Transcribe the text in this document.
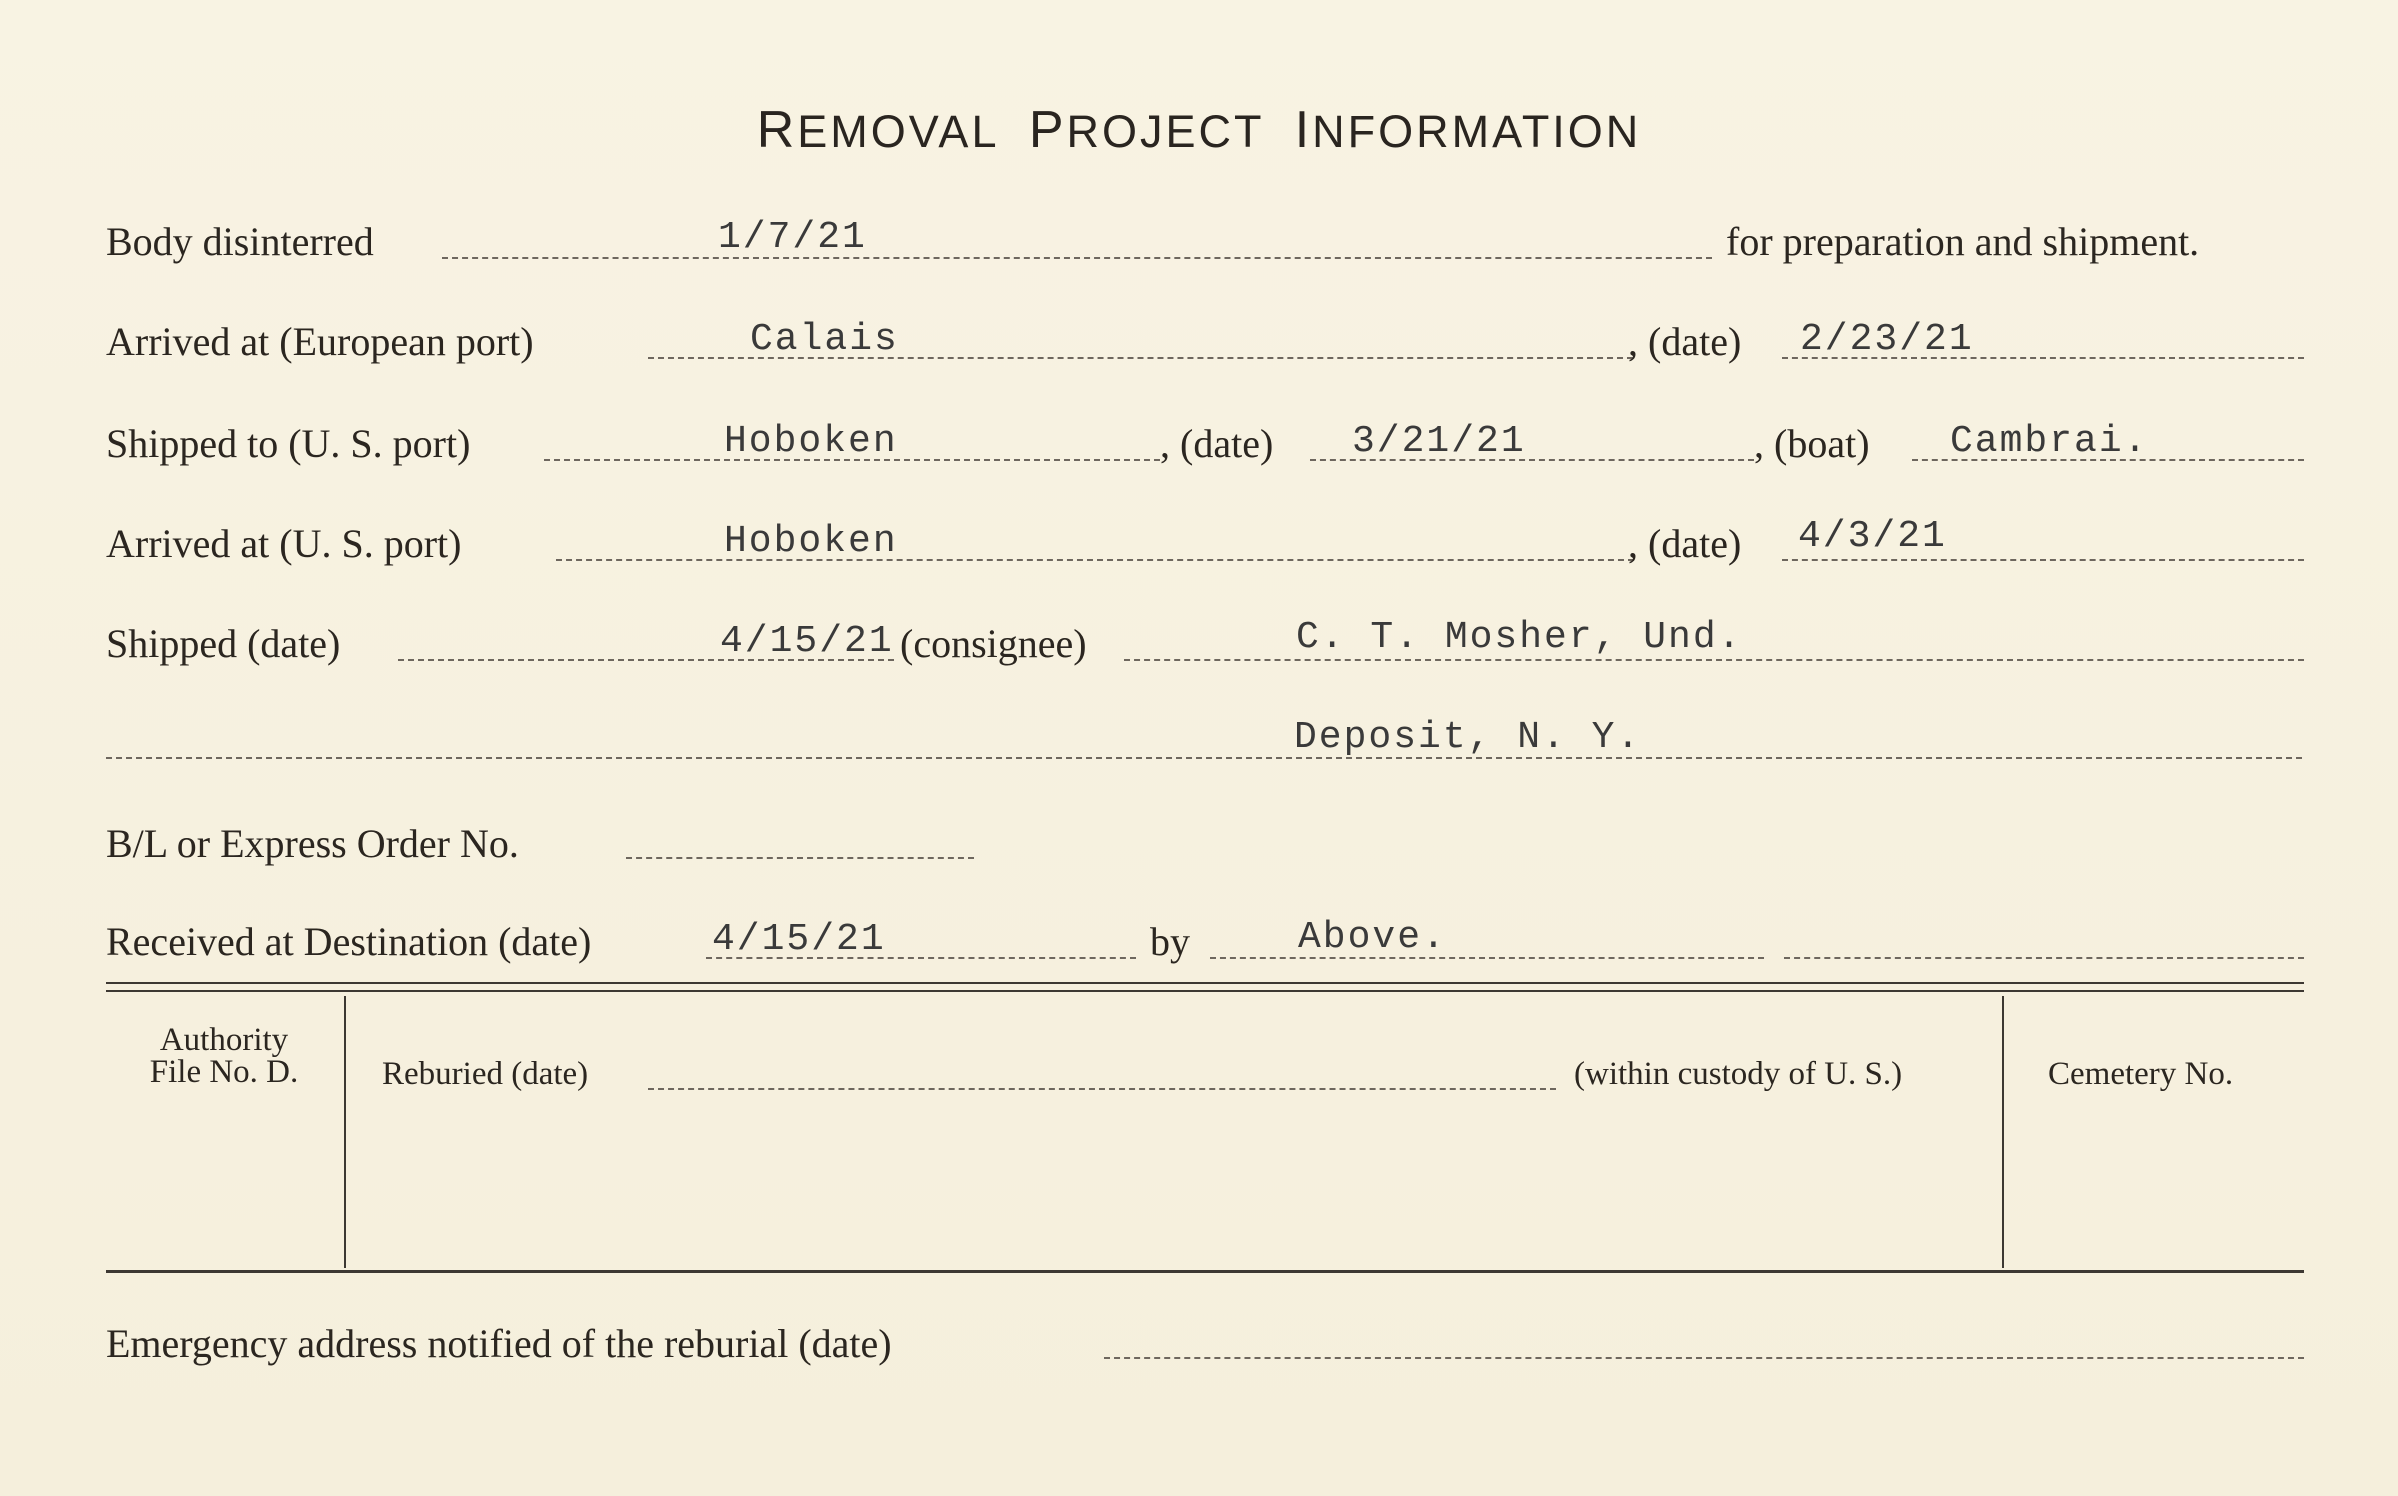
REMOVAL PROJECT INFORMATION
Body disinterred	1/7/21	for preparation and shipment.
Arrived at (European port)	Calais	, (date) 2/23/21
Shipped to (U. S. port)	Hoboken	, (date) 3/21/21	, (boat) Cambrai.
Arrived at (U. S. port)	Hoboken	, (date) 4/3/21
Shipped (date)	4/15/21 (consignee)	C. T. Mosher, Und.
Deposit, N. Y.
B/L or Express Order No.
Received at Destination (date)	4/15/21	by	Above.
Authority
File No. D.	Reburied (date)	(within custody of U. S.)	Cemetery No.
Emergency address notified of the reburial (date)
